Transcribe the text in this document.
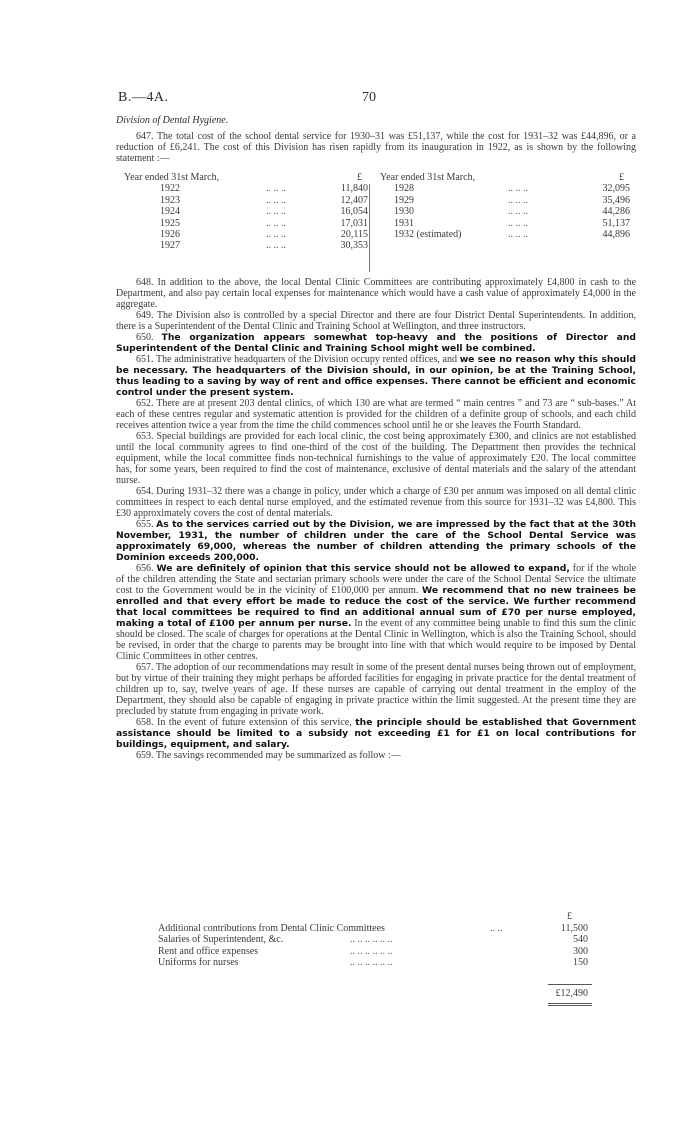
B.—4A.	70
Division of Dental Hygiene.

647. The total cost of the school dental service for 1930–31 was £51,137, while the cost for 1931–32 was £44,896, or a reduction of £6,241. The cost of this Division has risen rapidly from its inauguration in 1922, as is shown by the following statement :—

Year ended 31st March,	£ Year ended 31st March,	£
1922	.. .. ..	11,840	1928	.. .. ..	32,095
1923	.. .. ..	12,407	1929	.. .. ..	35,496
1924	.. .. ..	16,054	1930	.. .. ..	44,286
1925	.. .. ..	17,031	1931	.. .. ..	51,137
1926	.. .. ..	20,115	1932 (estimated)	.. .. ..	44,896
1927	.. .. ..	30,353

648. In addition to the above, the local Dental Clinic Committees are contributing approximately £4,800 in cash to the Department, and also pay certain local expenses for maintenance which would have a cash value of approximately £4,000 in the aggregate.

649. The Division also is controlled by a special Director and there are four District Dental Superintendents. In addition, there is a Superintendent of the Dental Clinic and Training School at Wellington, and three instructors.

650. The organization appears somewhat top-heavy and the positions of Director and Superintendent of the Dental Clinic and Training School might well be combined.

651. The administrative headquarters of the Division occupy rented offices, and we see no reason why this should be necessary. The headquarters of the Division should, in our opinion, be at the Training School, thus leading to a saving by way of rent and office expenses. There cannot be efficient and economic control under the present system.

652. There are at present 203 dental clinics, of which 130 are what are termed “ main centres ” and 73 are “ sub-bases.” At each of these centres regular and systematic attention is provided for the children of a definite group of schools, and each child receives attention twice a year from the time the child commences school until he or she leaves the Fourth Standard.

653. Special buildings are provided for each local clinic, the cost being approximately £300, and clinics are not established until the local community agrees to find one-third of the cost of the building. The Department then provides the technical equipment, while the local committee finds non-technical furnishings to the value of approximately £20. The local committee has, for some years, been required to find the cost of maintenance, exclusive of dental materials and the salary of the attendant nurse.

654. During 1931–32 there was a change in policy, under which a charge of £30 per annum was imposed on all dental clinic committees in respect to each dental nurse employed, and the estimated revenue from this source for 1931–32 was £4,800. This £30 approximately covers the cost of dental materials.

655. As to the services carried out by the Division, we are impressed by the fact that at the 30th November, 1931, the number of children under the care of the School Dental Service was approximately 69,000, whereas the number of children attending the primary schools of the Dominion exceeds 200,000.

656. We are definitely of opinion that this service should not be allowed to expand, for if the whole of the children attending the State and sectarian primary schools were under the care of the School Dental Service the ultimate cost to the Government would be in the vicinity of £100,000 per annum. We recommend that no new trainees be enrolled and that every effort be made to reduce the cost of the service. We further recommend that local committees be required to find an additional annual sum of £70 per nurse employed, making a total of £100 per annum per nurse. In the event of any committee being unable to find this sum the clinic should be closed. The scale of charges for operations at the Dental Clinic in Wellington, which is also the Training School, should be revised, in order that the charge to parents may be brought into line with that which would require to be imposed by Dental Clinic Committees in other centres.

657. The adoption of our recommendations may result in some of the present dental nurses being thrown out of employment, but by virtue of their training they might perhaps be afforded facilities for engaging in private practice for the dental treatment of children up to, say, twelve years of age. If these nurses are capable of carrying out dental treatment in the employ of the Department, they should also be capable of engaging in private practice within the limit suggested. At the present time they are precluded by statute from engaging in private work.

658. In the event of future extension of this service, the principle should be established that Government assistance should be limited to a subsidy not exceeding £1 for £1 on local contributions for buildings, equipment, and salary.

659. The savings recommended may be summarized as follow :—

£
Additional contributions from Dental Clinic Committees	.. ..	11,500
Salaries of Superintendent, &c.	.. .. .. .. .. ..	540
Rent and office expenses	.. .. .. .. .. ..	300
Uniforms for nurses	.. .. .. .. .. ..	150
£12,490
